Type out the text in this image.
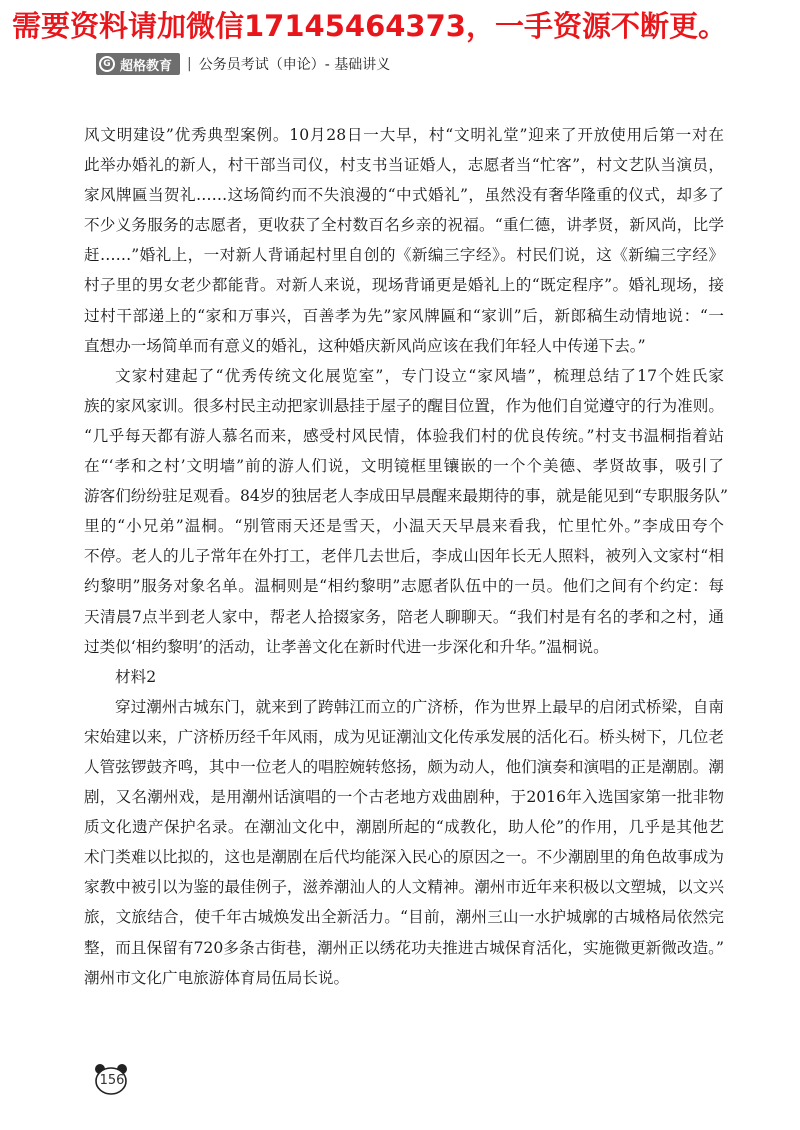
需要资料请加微信17145464373，一手资源不断更。
G 超格教育 | 公务员考试（申论）- 基础讲义
风文明建设”优秀典型案例。10月28日一大早，村“文明礼堂”迎来了开放使用后第一对在
此举办婚礼的新人，村干部当司仪，村支书当证婚人，志愿者当“忙客”，村文艺队当演员，
家风牌匾当贺礼……这场简约而不失浪漫的“中式婚礼”，虽然没有奢华隆重的仪式，却多了
不少义务服务的志愿者，更收获了全村数百名乡亲的祝福。“重仁德，讲孝贤，新风尚，比学
赶……”婚礼上，一对新人背诵起村里自创的《新编三字经》。村民们说，这《新编三字经》
村子里的男女老少都能背。对新人来说，现场背诵更是婚礼上的“既定程序”。婚礼现场，接
过村干部递上的“家和万事兴，百善孝为先”家风牌匾和“家训”后，新郎稿生动情地说：“一
直想办一场简单而有意义的婚礼，这种婚庆新风尚应该在我们年轻人中传递下去。”
文家村建起了“优秀传统文化展览室”，专门设立“家风墙”，梳理总结了17个姓氏家
族的家风家训。很多村民主动把家训悬挂于屋子的醒目位置，作为他们自觉遵守的行为准则。
“几乎每天都有游人慕名而来，感受村风民情，体验我们村的优良传统。”村支书温桐指着站
在“‘孝和之村’文明墙”前的游人们说，文明镜框里镶嵌的一个个美德、孝贤故事，吸引了
游客们纷纷驻足观看。84岁的独居老人李成田早晨醒来最期待的事，就是能见到“专职服务队”
里的“小兄弟”温桐。“别管雨天还是雪天，小温天天早晨来看我，忙里忙外。”李成田夸个
不停。老人的儿子常年在外打工，老伴几去世后，李成山因年长无人照料，被列入文家村“相
约黎明”服务对象名单。温桐则是“相约黎明”志愿者队伍中的一员。他们之间有个约定：每
天清晨7点半到老人家中，帮老人拾掇家务，陪老人聊聊天。“我们村是有名的孝和之村，通
过类似‘相约黎明’的活动，让孝善文化在新时代进一步深化和升华。”温桐说。
材料2
穿过潮州古城东门，就来到了跨韩江而立的广济桥，作为世界上最早的启闭式桥梁，自南
宋始建以来，广济桥历经千年风雨，成为见证潮汕文化传承发展的活化石。桥头树下，几位老
人管弦锣鼓齐鸣，其中一位老人的唱腔婉转悠扬，颇为动人，他们演奏和演唱的正是潮剧。潮
剧，又名潮州戏，是用潮州话演唱的一个古老地方戏曲剧种，于2016年入选国家第一批非物
质文化遗产保护名录。在潮汕文化中，潮剧所起的“成教化，助人伦”的作用，几乎是其他艺
术门类难以比拟的，这也是潮剧在后代均能深入民心的原因之一。不少潮剧里的角色故事成为
家教中被引以为鉴的最佳例子，滋养潮汕人的人文精神。潮州市近年来积极以文塑城，以文兴
旅，文旅结合，使千年古城焕发出全新活力。“目前，潮州三山一水护城廓的古城格局依然完
整，而且保留有720多条古街巷，潮州正以绣花功夫推进古城保育活化，实施微更新微改造。”
潮州市文化广电旅游体育局伍局长说。
156
